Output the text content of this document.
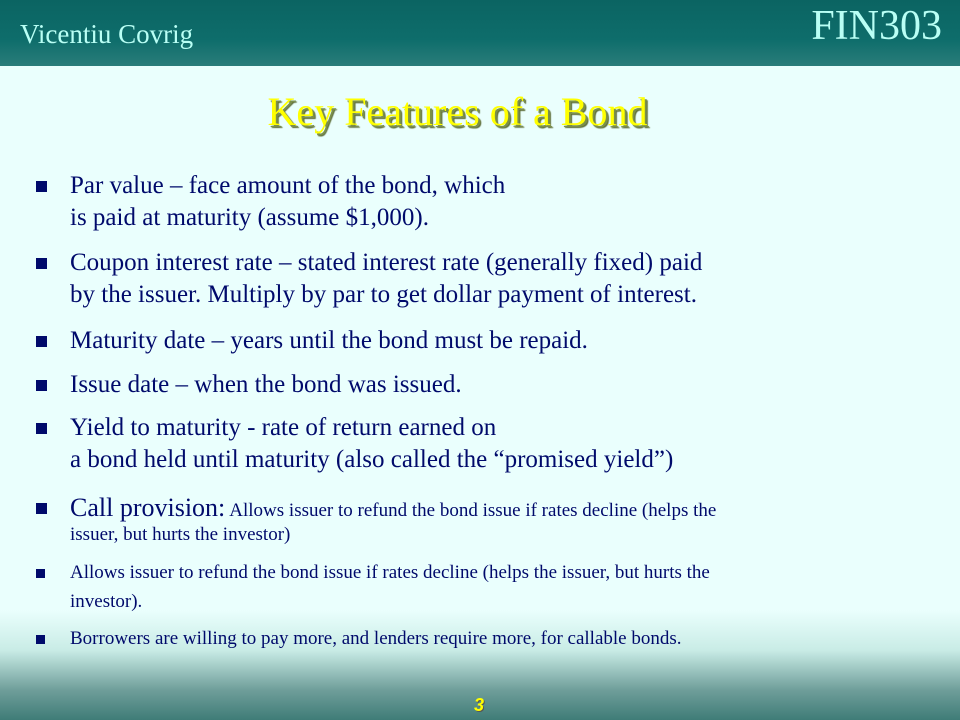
Vicentiu Covrig	FIN303
Key Features of a Bond
Par value – face amount of the bond, which
is paid at maturity (assume $1,000).
Coupon interest rate – stated interest rate (generally fixed) paid
by the issuer. Multiply by par to get dollar payment of interest.
Maturity date – years until the bond must be repaid.
Issue date – when the bond was issued.
Yield to maturity - rate of return earned on
a bond held until maturity (also called the “promised yield”)
Call provision: Allows issuer to refund the bond issue if rates decline (helps the
issuer, but hurts the investor)
Allows issuer to refund the bond issue if rates decline (helps the issuer, but hurts the
investor).
Borrowers are willing to pay more, and lenders require more, for callable bonds.
3
